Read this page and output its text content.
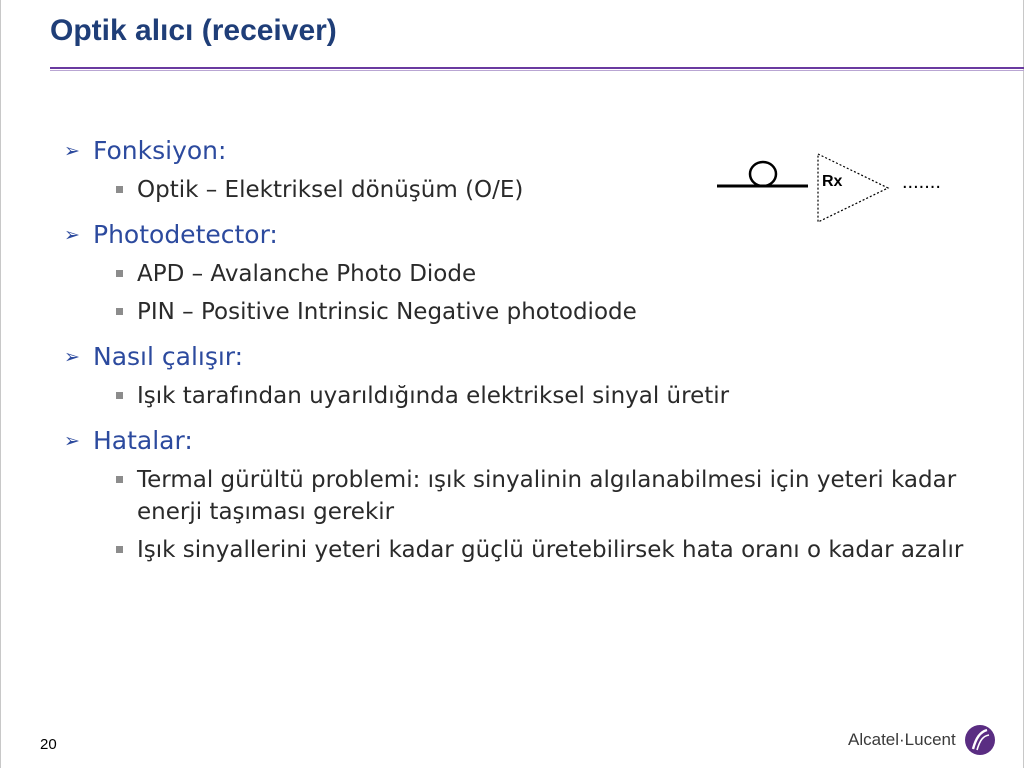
Optik alıcı (receiver)
➢ Fonksiyon:
Optik – Elektriksel dönüşüm (O/E)
➢ Photodetector:
APD – Avalanche Photo Diode
PIN – Positive Intrinsic Negative photodiode
➢ Nasıl çalışır:
Işık tarafından uyarıldığında elektriksel sinyal üretir
➢ Hatalar:
Termal gürültü problemi: ışık sinyalinin algılanabilmesi için yeteri kadar enerji taşıması gerekir
Işık sinyallerini yeteri kadar güçlü üretebilirsek hata oranı o kadar azalır
Rx	.......
20	Alcatel·Lucent
